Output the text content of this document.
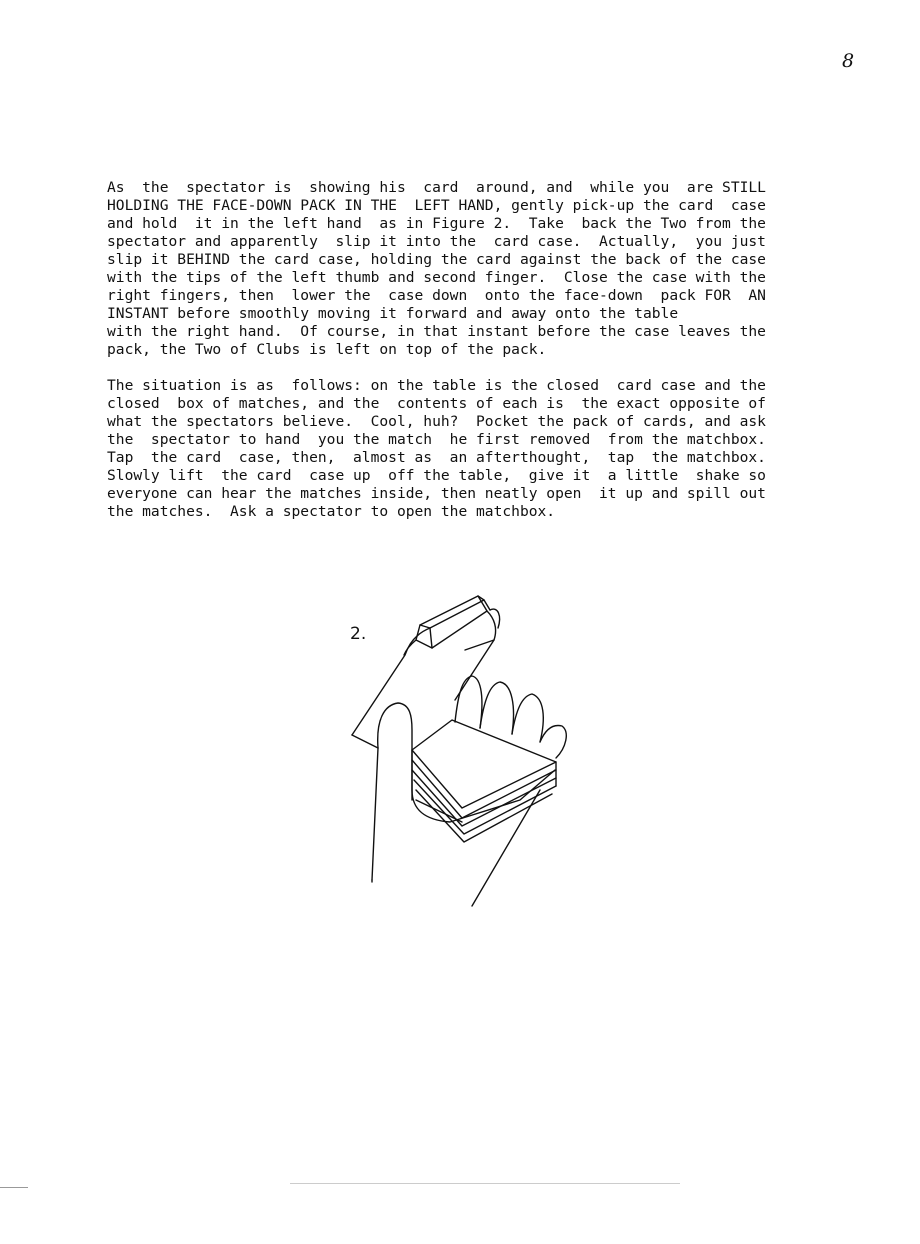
8
As  the  spectator is  showing his  card  around, and  while you  are STILL
HOLDING THE FACE-DOWN PACK IN THE  LEFT HAND, gently pick-up the card  case
and hold  it in the left hand  as in Figure 2.  Take  back the Two from the
spectator and apparently  slip it into the  card case.  Actually,  you just
slip it BEHIND the card case, holding the card against the back of the case
with the tips of the left thumb and second finger.  Close the case with the
right fingers, then  lower the  case down  onto the face-down  pack FOR  AN
INSTANT before smoothly moving it forward and away onto the table
with the right hand.  Of course, in that instant before the case leaves the
pack, the Two of Clubs is left on top of the pack.
The situation is as  follows: on the table is the closed  card case and the
closed  box of matches, and the  contents of each is  the exact opposite of
what the spectators believe.  Cool, huh?  Pocket the pack of cards, and ask
the  spectator to hand  you the match  he first removed  from the matchbox.
Tap  the card  case, then,  almost as  an afterthought,  tap  the matchbox.
Slowly lift  the card  case up  off the table,  give it  a little  shake so
everyone can hear the matches inside, then neatly open  it up and spill out
the matches.  Ask a spectator to open the matchbox.
2.
